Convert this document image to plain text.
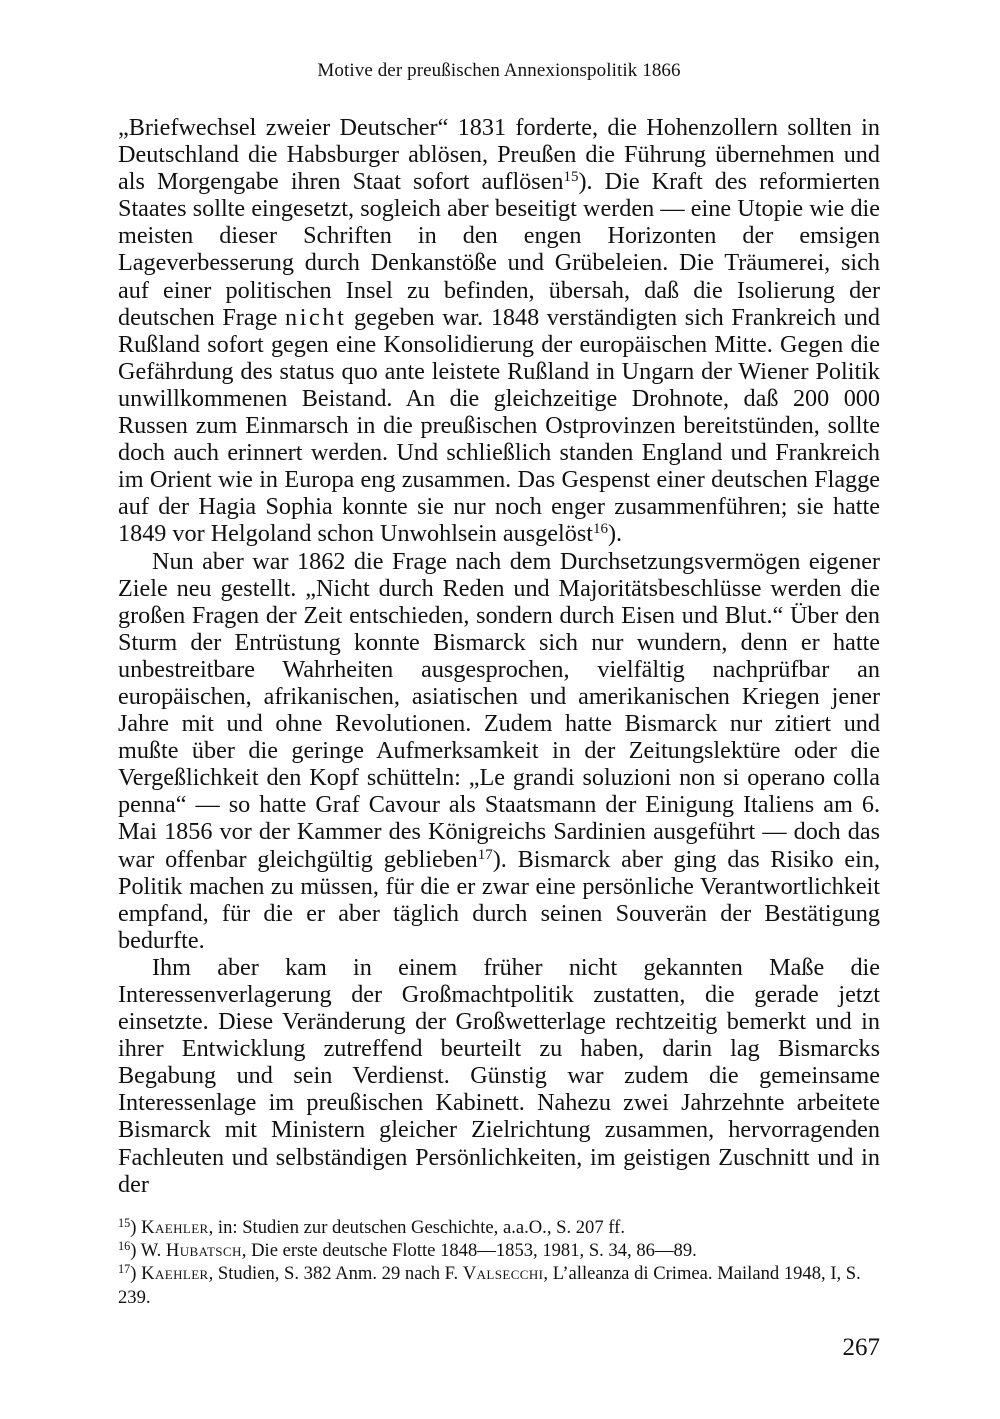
Motive der preußischen Annexionspolitik 1866

„Briefwechsel zweier Deutscher“ 1831 forderte, die Hohenzollern sollten in Deutschland die Habsburger ablösen, Preußen die Führung übernehmen und als Morgengabe ihren Staat sofort auflösen$^{15}$). Die Kraft des reformierten Staates sollte eingesetzt, sogleich aber beseitigt werden — eine Utopie wie die meisten dieser Schriften in den engen Horizonten der emsigen Lageverbesserung durch Denkanstöße und Grübeleien. Die Träumerei, sich auf einer politischen Insel zu befinden, übersah, daß die Isolierung der deutschen Frage nicht gegeben war. 1848 verständigten sich Frankreich und Rußland sofort gegen eine Konsolidierung der europäischen Mitte. Gegen die Gefährdung des status quo ante leistete Rußland in Ungarn der Wiener Politik unwillkommenen Beistand. An die gleichzeitige Drohnote, daß 200 000 Russen zum Einmarsch in die preußischen Ostprovinzen bereitstünden, sollte doch auch erinnert werden. Und schließlich standen England und Frankreich im Orient wie in Europa eng zusammen. Das Gespenst einer deutschen Flagge auf der Hagia Sophia konnte sie nur noch enger zusammenführen; sie hatte 1849 vor Helgoland schon Unwohlsein ausgelöst$^{16}$).

Nun aber war 1862 die Frage nach dem Durchsetzungsvermögen eigener Ziele neu gestellt. „Nicht durch Reden und Majoritätsbeschlüsse werden die großen Fragen der Zeit entschieden, sondern durch Eisen und Blut.“ Über den Sturm der Entrüstung konnte Bismarck sich nur wundern, denn er hatte unbestreitbare Wahrheiten ausgesprochen, vielfältig nachprüfbar an europäischen, afrikanischen, asiatischen und amerikanischen Kriegen jener Jahre mit und ohne Revolutionen. Zudem hatte Bismarck nur zitiert und mußte über die geringe Aufmerksamkeit in der Zeitungslektüre oder die Vergeßlichkeit den Kopf schütteln: „Le grandi soluzioni non si operano colla penna“ — so hatte Graf Cavour als Staatsmann der Einigung Italiens am 6. Mai 1856 vor der Kammer des Königreichs Sardinien ausgeführt — doch das war offenbar gleichgültig geblieben$^{17}$). Bismarck aber ging das Risiko ein, Politik machen zu müssen, für die er zwar eine persönliche Verantwortlichkeit empfand, für die er aber täglich durch seinen Souverän der Bestätigung bedurfte.

Ihm aber kam in einem früher nicht gekannten Maße die Interessenverlagerung der Großmachtpolitik zustatten, die gerade jetzt einsetzte. Diese Veränderung der Großwetterlage rechtzeitig bemerkt und in ihrer Entwicklung zutreffend beurteilt zu haben, darin lag Bismarcks Begabung und sein Verdienst. Günstig war zudem die gemeinsame Interessenlage im preußischen Kabinett. Nahezu zwei Jahrzehnte arbeitete Bismarck mit Ministern gleicher Zielrichtung zusammen, hervorragenden Fachleuten und selbständigen Persönlichkeiten, im geistigen Zuschnitt und in der

$^{15}$) Kaehler, in: Studien zur deutschen Geschichte, a.a.O., S. 207 ff.

$^{16}$) W. Hubatsch, Die erste deutsche Flotte 1848—1853, 1981, S. 34, 86—89.

$^{17}$) Kaehler, Studien, S. 382 Anm. 29 nach F. Valsecchi, L’alleanza di Crimea. Mailand 1948, I, S. 239.

267
